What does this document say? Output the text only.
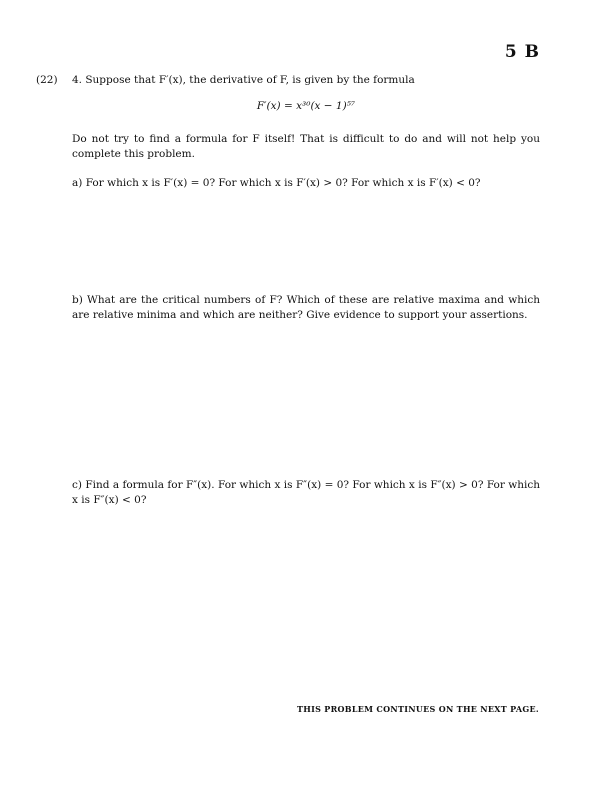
5 B
(22) 4. Suppose that F′(x), the derivative of F, is given by the formula
F′(x) = x³⁰(x − 1)⁵⁷
Do not try to find a formula for F itself! That is difficult to do and will not help you complete this problem.
a) For which x is F′(x) = 0? For which x is F′(x) > 0? For which x is F′(x) < 0?
b) What are the critical numbers of F? Which of these are relative maxima and which are relative minima and which are neither? Give evidence to support your assertions.
c) Find a formula for F″(x). For which x is F″(x) = 0? For which x is F″(x) > 0? For which x is F″(x) < 0?
THIS PROBLEM CONTINUES ON THE NEXT PAGE.
